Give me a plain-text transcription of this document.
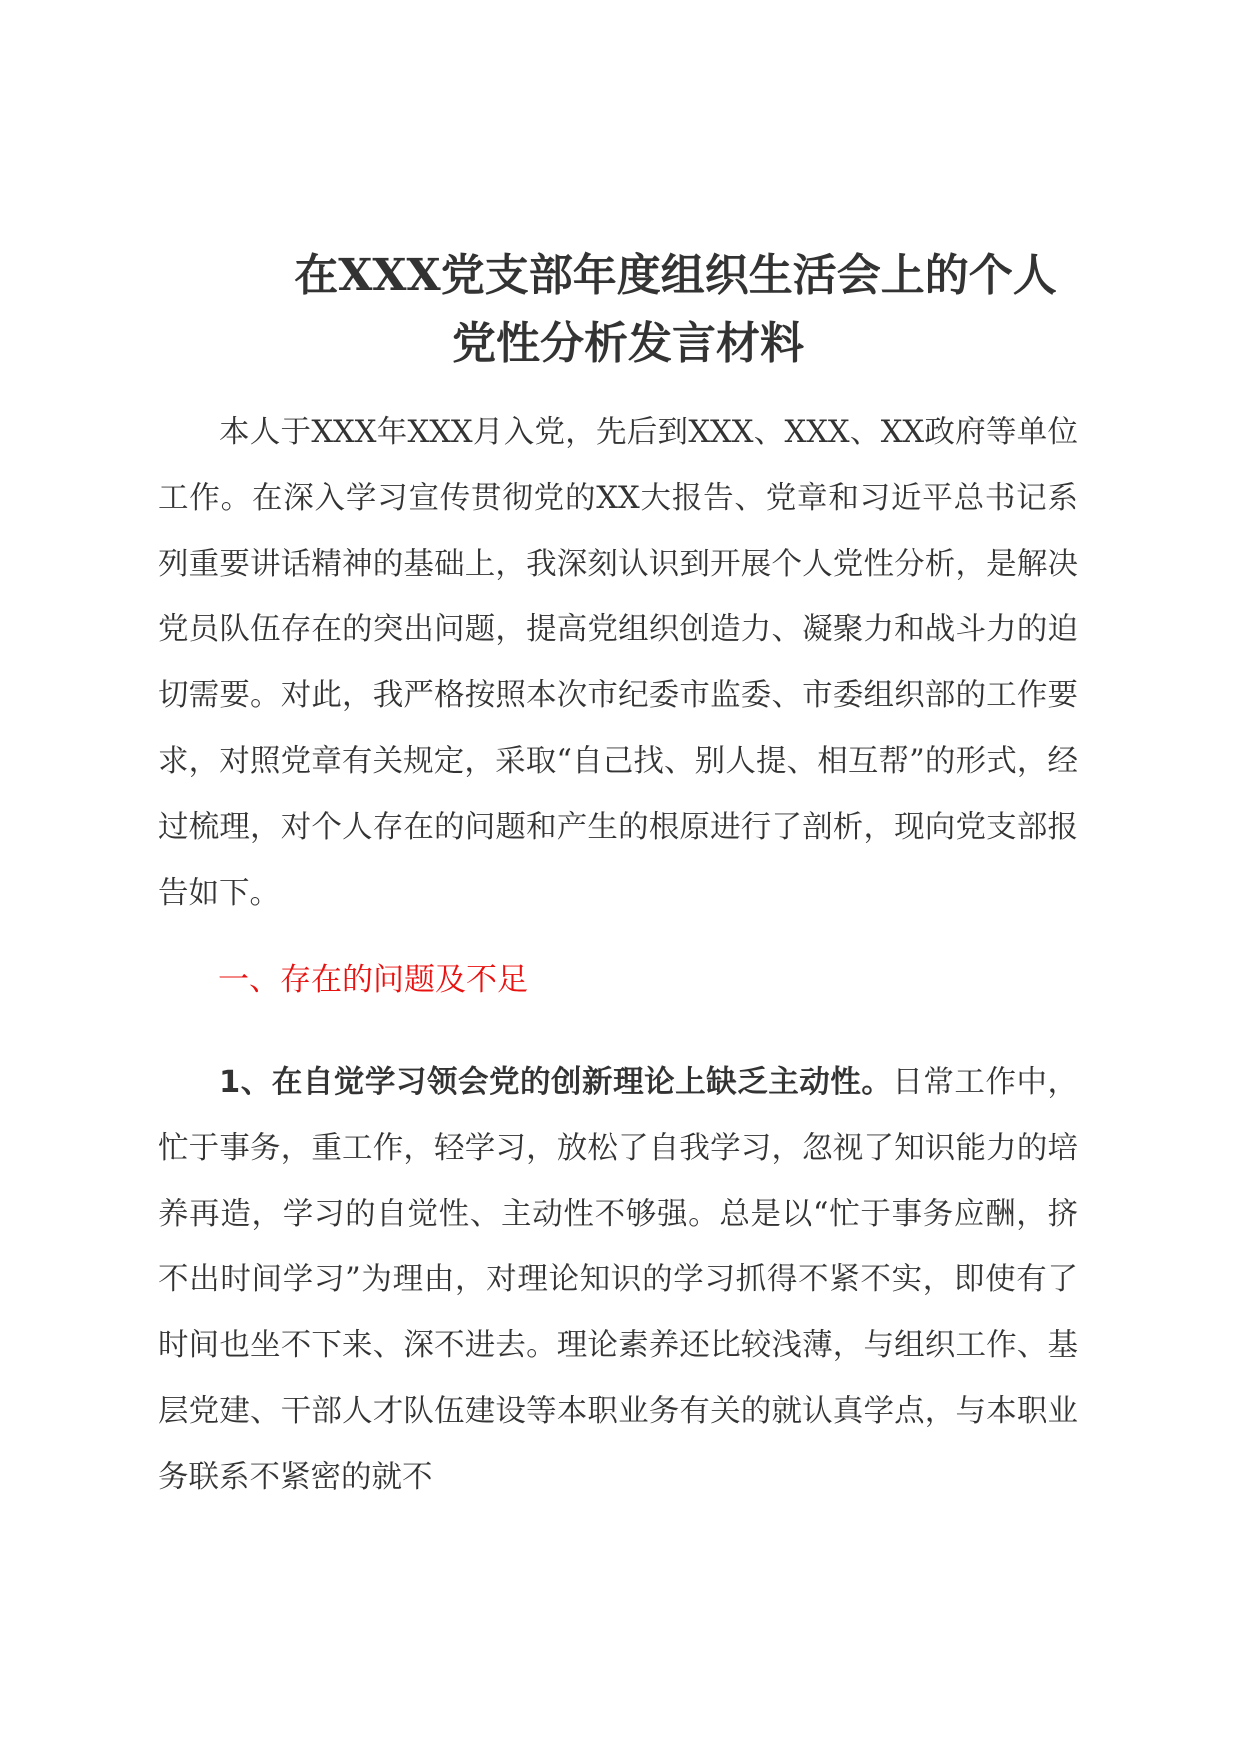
在XXX党支部年度组织生活会上的个人
党性分析发言材料

本人于XXX年XXX月入党，先后到XXX、XXX、XX政府等单位工作。在深入学习宣传贯彻党的XX大报告、党章和习近平总书记系列重要讲话精神的基础上，我深刻认识到开展个人党性分析，是解决党员队伍存在的突出问题，提高党组织创造力、凝聚力和战斗力的迫切需要。对此，我严格按照本次市纪委市监委、市委组织部的工作要求，对照党章有关规定，采取“自己找、别人提、相互帮”的形式，经过梳理，对个人存在的问题和产生的根原进行了剖析，现向党支部报告如下。

一、存在的问题及不足

1、在自觉学习领会党的创新理论上缺乏主动性。日常工作中，忙于事务，重工作，轻学习，放松了自我学习，忽视了知识能力的培养再造，学习的自觉性、主动性不够强。总是以“忙于事务应酬，挤不出时间学习”为理由，对理论知识的学习抓得不紧不实，即使有了时间也坐不下来、深不进去。理论素养还比较浅薄，与组织工作、基层党建、干部人才队伍建设等本职业务有关的就认真学点，与本职业务联系不紧密的就不
